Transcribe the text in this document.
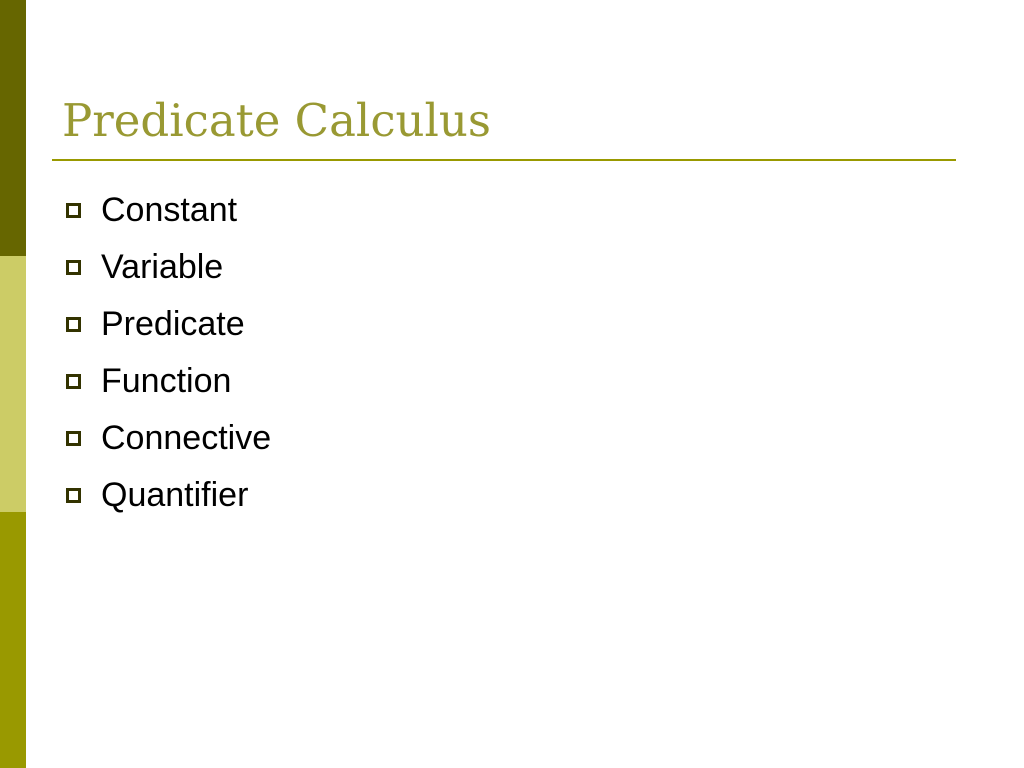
Predicate Calculus
Constant
Variable
Predicate
Function
Connective
Quantifier
